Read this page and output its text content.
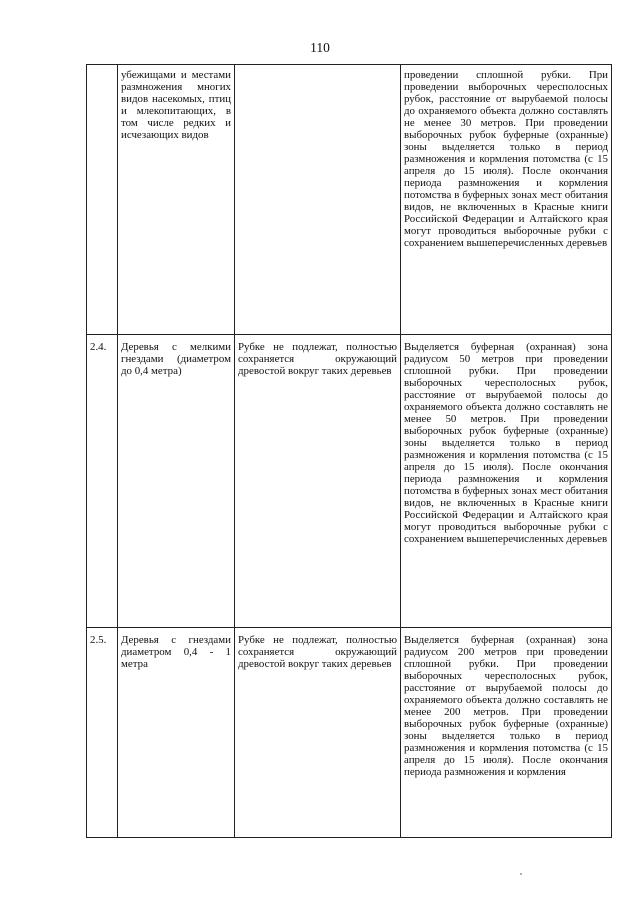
110

	убежищами и местами размножения многих видов насекомых, птиц и млекопитающих, в том числе редких и исчезающих видов		проведении сплошной рубки. При проведении выборочных чересполосных рубок, расстояние от вырубаемой полосы до охраняемого объекта должно составлять не менее 30 метров. При проведении выборочных рубок буферные (охранные) зоны выделяется только в период размножения и кормления потомства (с 15 апреля до 15 июля). После окончания периода размножения и кормления потомства в буферных зонах мест обитания видов, не включенных в Красные книги Российской Федерации и Алтайского края могут проводиться выборочные рубки с сохранением вышеперечисленных деревьев

2.4.	Деревья с мелкими гнездами (диаметром до 0,4 метра)	Рубке не подлежат, полностью сохраняется окружающий древостой вокруг таких деревьев	Выделяется буферная (охранная) зона радиусом 50 метров при проведении сплошной рубки. При проведении выборочных чересполосных рубок, расстояние от вырубаемой полосы до охраняемого объекта должно составлять не менее 50 метров. При проведении выборочных рубок буферные (охранные) зоны выделяется только в период размножения и кормления потомства (с 15 апреля до 15 июля). После окончания периода размножения и кормления потомства в буферных зонах мест обитания видов, не включенных в Красные книги Российской Федерации и Алтайского края могут проводиться выборочные рубки с сохранением вышеперечисленных деревьев

2.5.	Деревья с гнездами диаметром 0,4 - 1 метра	Рубке не подлежат, полностью сохраняется окружающий древостой вокруг таких деревьев	Выделяется буферная (охранная) зона радиусом 200 метров при проведении сплошной рубки. При проведении выборочных чересполосных рубок, расстояние от вырубаемой полосы до охраняемого объекта должно составлять не менее 200 метров. При проведении выборочных рубок буферные (охранные) зоны выделяется только в период размножения и кормления потомства (с 15 апреля до 15 июля). После окончания периода размножения и кормления
